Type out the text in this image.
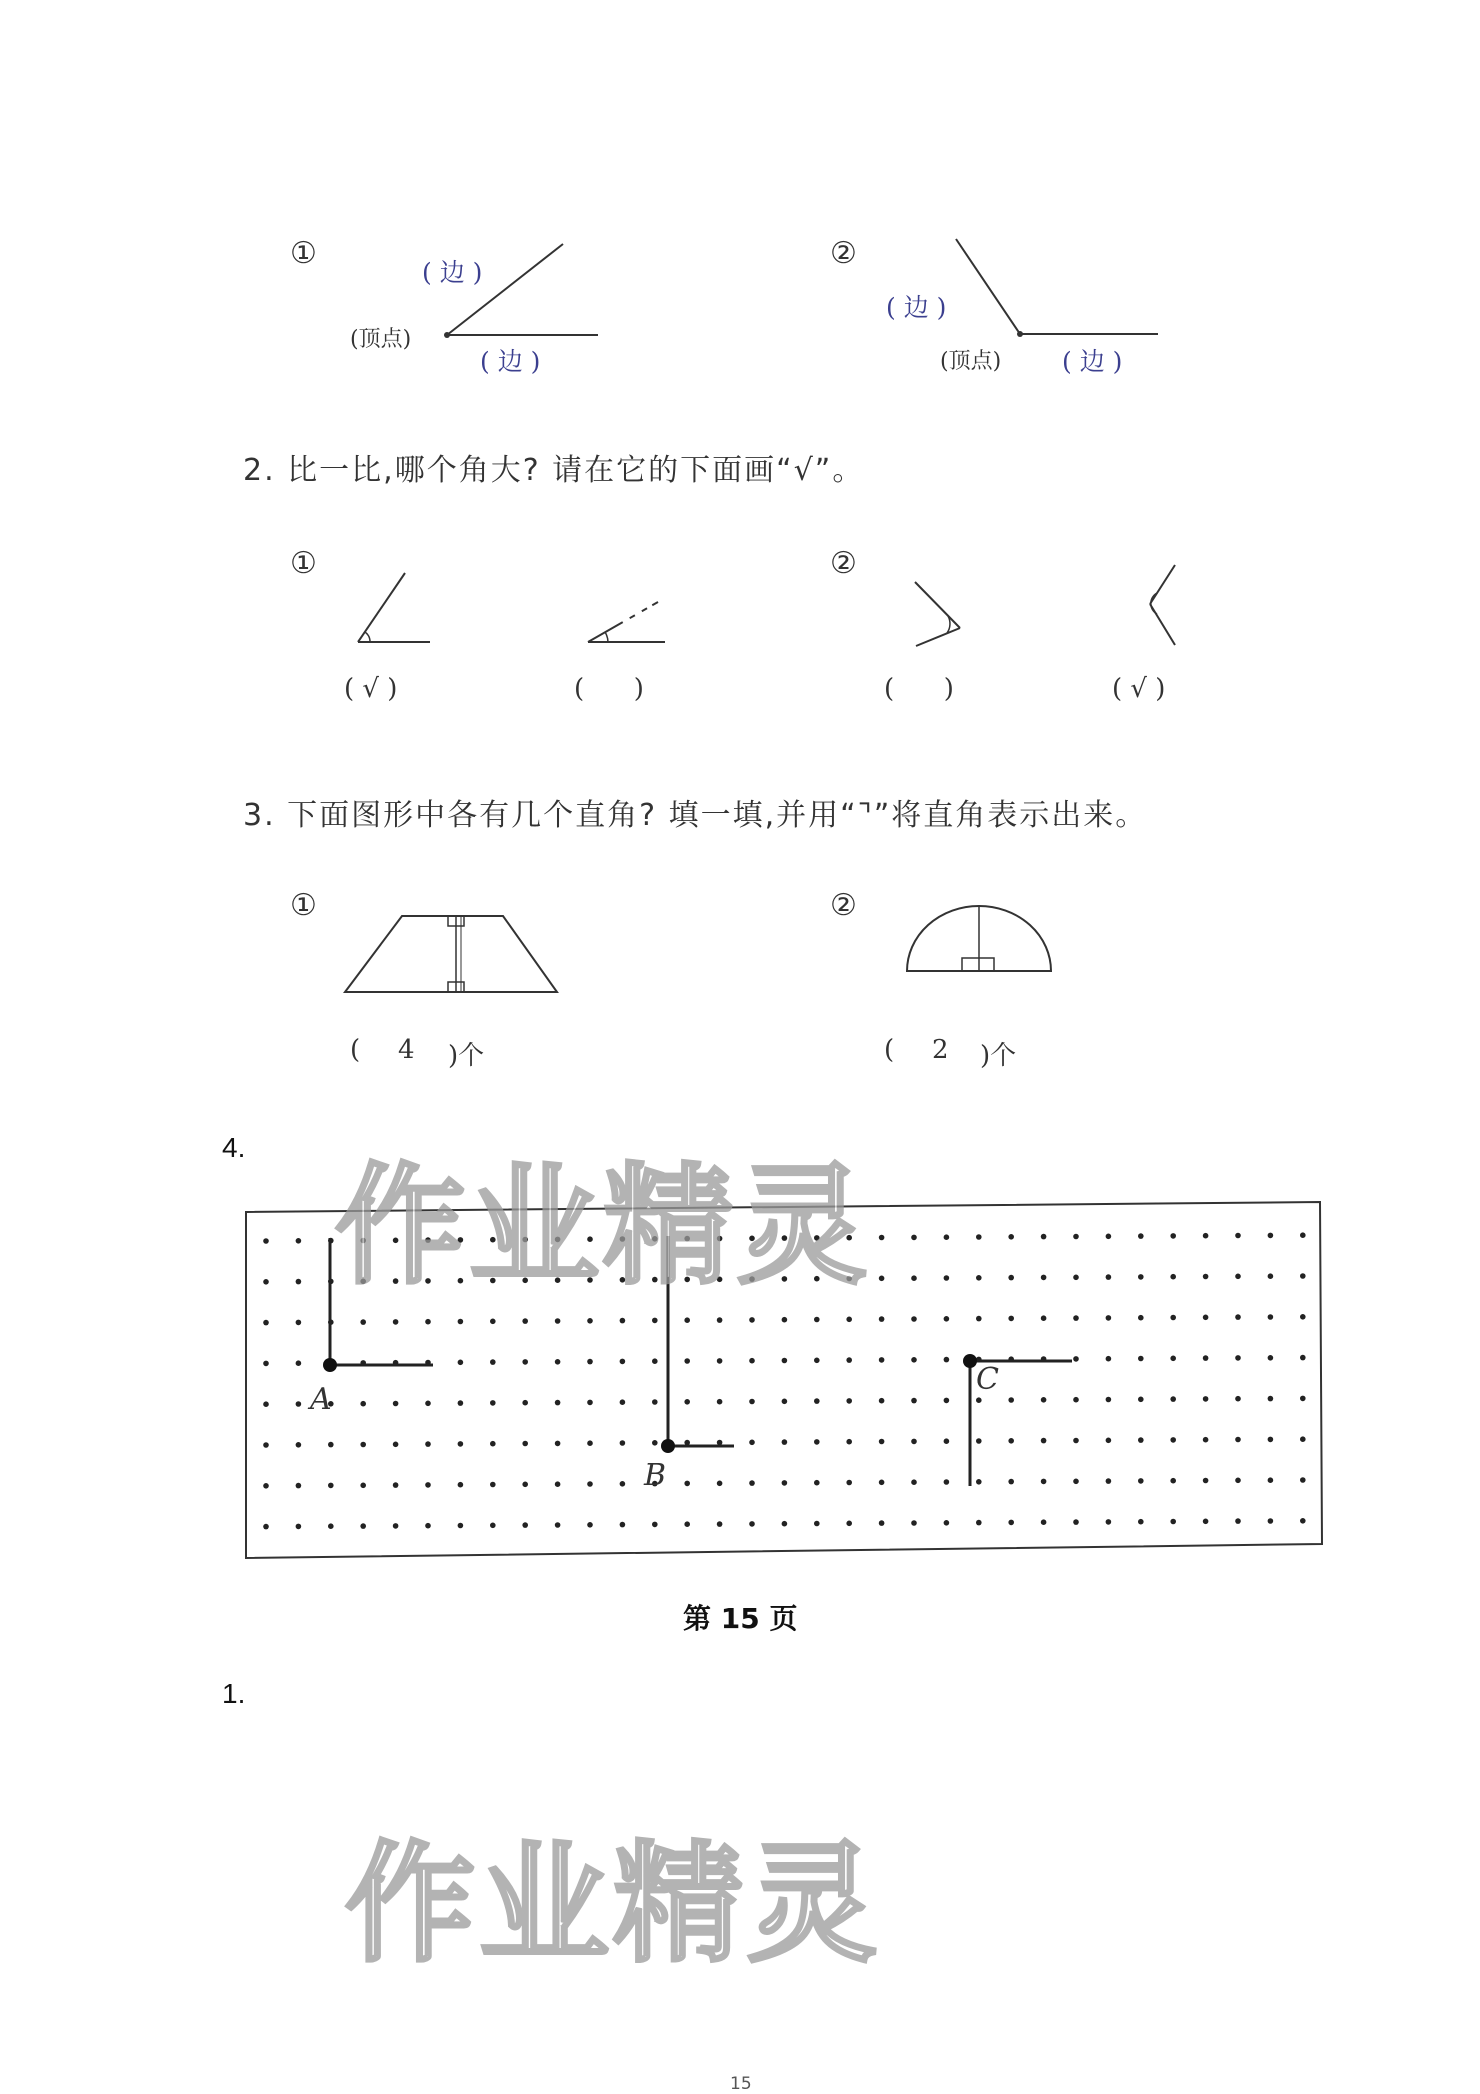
①	②
( 边 )
(顶点)
( 边 )
( 边 )
(顶点) ( 边 )
2. 比一比,哪个角大? 请在它的下面画“√”。
①	②
( √ )	(      )	(      )	( √ )
3. 下面图形中各有几个直角? 填一填,并用“⌝”将直角表示出来。
①	②
( 4 )个	( 2 )个
4.
A
B
C
第 15 页
1.
作业精灵
作业精灵
15
